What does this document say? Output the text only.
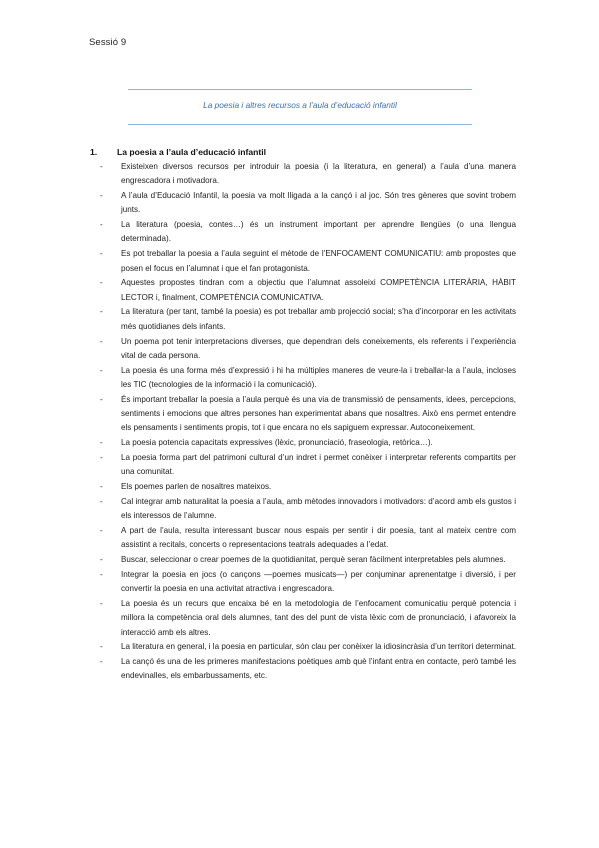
Sessió 9
La poesia i altres recursos a l’aula d’educació infantil
1. La poesia a l’aula d’educació infantil
-	Existeixen diversos recursos per introduir la poesia (i la literatura, en general) a l’aula d’una manera engrescadora i motivadora.
-	A l’aula d’Educació Infantil, la poesia va molt lligada a la cançó i al joc. Són tres gèneres que sovint trobem junts.
-	La literatura (poesia, contes…) és un instrument important per aprendre llengües (o una llengua determinada).
-	Es pot treballar la poesia a l’aula seguint el mètode de l’ENFOCAMENT COMUNICATIU: amb propostes que posen el focus en l’alumnat i que el fan protagonista.
-	Aquestes propostes tindran com a objectiu que l’alumnat assoleixi COMPETÈNCIA LITERÀRIA, HÀBIT LECTOR i, finalment, COMPETÈNCIA COMUNICATIVA.
-	La literatura (per tant, també la poesia) es pot treballar amb projecció social; s’ha d’incorporar en les activitats més quotidianes dels infants.
-	Un poema pot tenir interpretacions diverses, que dependran dels coneixements, els referents i l’experiència vital de cada persona.
-	La poesia és una forma més d’expressió i hi ha múltiples maneres de veure-la i treballar-la a l’aula, incloses les TIC (tecnologies de la informació i la comunicació).
-	És important treballar la poesia a l’aula perquè és una via de transmissió de pensaments, idees, percepcions, sentiments i emocions que altres persones han experimentat abans que nosaltres. Això ens permet entendre els pensaments i sentiments propis, tot i que encara no els sapiguem expressar. Autoconeixement.
-	La poesia potencia capacitats expressives (lèxic, pronunciació, fraseologia, retòrica…).
-	La poesia forma part del patrimoni cultural d’un indret i permet conèixer i interpretar referents compartits per una comunitat.
-	Els poemes parlen de nosaltres mateixos.
-	Cal integrar amb naturalitat la poesia a l’aula, amb mètodes innovadors i motivadors: d’acord amb els gustos i els interessos de l’alumne.
-	A part de l’aula, resulta interessant buscar nous espais per sentir i dir poesia, tant al mateix centre com assistint a recitals, concerts o representacions teatrals adequades a l’edat.
-	Buscar, seleccionar o crear poemes de la quotidianitat, perquè seran fàcilment interpretables pels alumnes.
-	Integrar la poesia en jocs (o cançons —poemes musicats—) per conjuminar aprenentatge i diversió, i per convertir la poesia en una activitat atractiva i engrescadora.
-	La poesia és un recurs que encaixa bé en la metodologia de l’enfocament comunicatiu perquè potencia i millora la competència oral dels alumnes, tant des del punt de vista lèxic com de pronunciació, i afavoreix la interacció amb els altres.
-	La literatura en general, i la poesia en particular, són clau per conèixer la idiosincràsia d’un territori determinat.
-	La cançó és una de les primeres manifestacions poètiques amb què l’infant entra en contacte, però també les endevinalles, els embarbussaments, etc.
